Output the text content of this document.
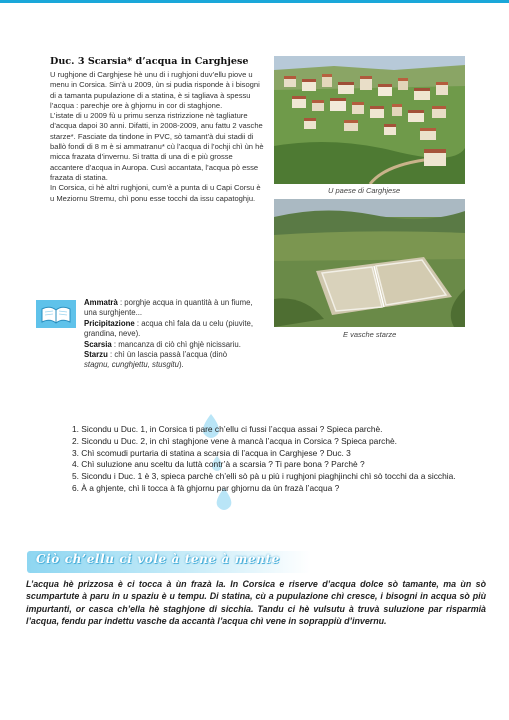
Duc. 3 Scarsia* d’acqua in Carghjese

U rughjone di Carghjese hè unu di i rughjoni duv’ellu piove u menu in Corsica. Sin’à u 2009, ùn si pudia risponde à i bisogni di a tamanta pupulazione di a statina, è si tagliava à spessu l’acqua : parechje ore à ghjornu in cor di staghjone.

L’istate di u 2009 fù u primu senza ristrizzione nè tagliature d’acqua dapoi 30 anni. Difatti, in 2008-2009, anu fattu 2 vasche starze*. Fasciate da tindone in PVC, sò tamant’à dui stadii di ballò fondi di 8 m è si ammatranu* cù l’acqua di l’ochji chì ùn hè micca frazata d’invernu. Si tratta di una di e più grosse accantere d’acqua in Auropa. Cusì accantata, l’acqua pò esse frazata di statina.

In Corsica, ci hè altri rughjoni, cum’è a punta di u Capi Corsu è u Meziornu Stremu, chì ponu esse tocchi da issu capatoghju.

U paese di Carghjese
E vasche starze

Ammatrà : porghje acqua in quantità à un fiume, una surghjente...

Pricipitazione : acqua chì fala da u celu (piuvite, grandina, neve).

Scarsia : mancanza di ciò chì ghjè nicissariu.

Starzu : chì ùn lascia passà l’acqua (dinò stagnu, cunghjettu, stusgitu).

1. Sicondu u Duc. 1, in Corsica ti pare ch’ellu ci fussi l’acqua assai ? Spieca parchè.
2. Sicondu u Duc. 2, in chì staghjone vene à mancà l’acqua in Corsica ? Spieca parchè.
3. Chì scomudi purtaria di statina a scarsia di l’acqua in Carghjese ? Duc. 3
4. Chì suluzione anu sceltu da luttà contr’à a scarsia ? Ti pare bona ? Parchè ?
5. Sicondu i Duc. 1 è 3, spieca parchè ch’elli sò pà u più i rughjoni piaghjinchi chì sò tocchi da a sicchia.
6. À a ghjente, chì li tocca à fà ghjornu par ghjornu da ùn frazà l’acqua ?
Ciò ch’ellu ci vole à tene à mente

L’acqua hè prizzosa è ci tocca à ùn frazà la. In Corsica e riserve d’acqua dolce sò tamante, ma ùn sò scumpartute à paru in u spaziu è u tempu. Di statina, cù a pupulazione chì cresce, i bisogni in acqua sò più impurtanti, or casca ch’ella hè staghjone di sicchia. Tandu ci hè vulsutu à truvà suluzione par risparmià l’acqua, fendu par indettu vasche da accantà l’acqua chì vene in soprappiù d’invernu.
